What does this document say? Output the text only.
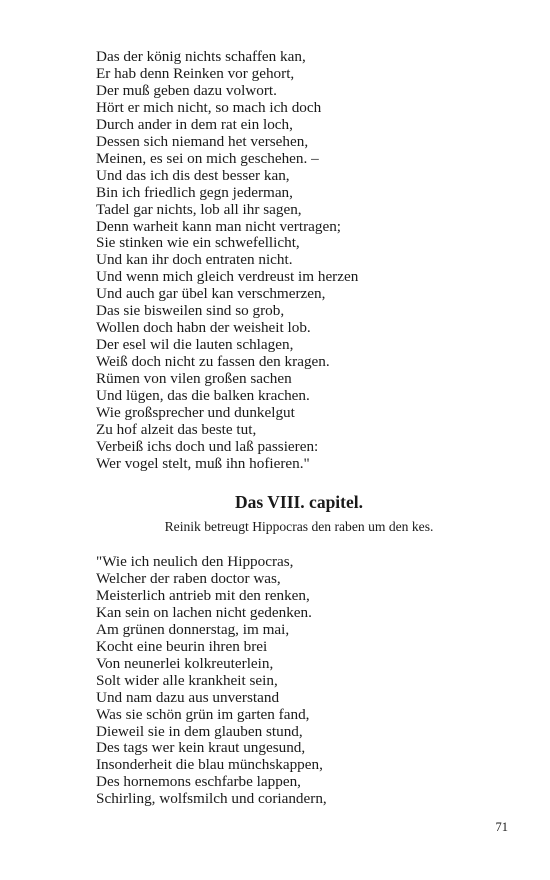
Das der könig nichts schaffen kan,
Er hab denn Reinken vor gehort,
Der muß geben dazu volwort.
Hört er mich nicht, so mach ich doch
Durch ander in dem rat ein loch,
Dessen sich niemand het versehen,
Meinen, es sei on mich geschehen. –
Und das ich dis dest besser kan,
Bin ich friedlich gegn jederman,
Tadel gar nichts, lob all ihr sagen,
Denn warheit kann man nicht vertragen;
Sie stinken wie ein schwefellicht,
Und kan ihr doch entraten nicht.
Und wenn mich gleich verdreust im herzen
Und auch gar übel kan verschmerzen,
Das sie bisweilen sind so grob,
Wollen doch habn der weisheit lob.
Der esel wil die lauten schlagen,
Weiß doch nicht zu fassen den kragen.
Rümen von vilen großen sachen
Und lügen, das die balken krachen.
Wie großsprecher und dunkelgut
Zu hof alzeit das beste tut,
Verbeiß ichs doch und laß passieren:
Wer vogel stelt, muß ihn hofieren."
Das VIII. capitel.
Reinik betreugt Hippocras den raben um den kes.
"Wie ich neulich den Hippocras,
Welcher der raben doctor was,
Meisterlich antrieb mit den renken,
Kan sein on lachen nicht gedenken.
Am grünen donnerstag, im mai,
Kocht eine beurin ihren brei
Von neunerlei kolkreuterlein,
Solt wider alle krankheit sein,
Und nam dazu aus unverstand
Was sie schön grün im garten fand,
Dieweil sie in dem glauben stund,
Des tags wer kein kraut ungesund,
Insonderheit die blau münchskappen,
Des hornemons eschfarbe lappen,
Schirling, wolfsmilch und coriandern,
71
